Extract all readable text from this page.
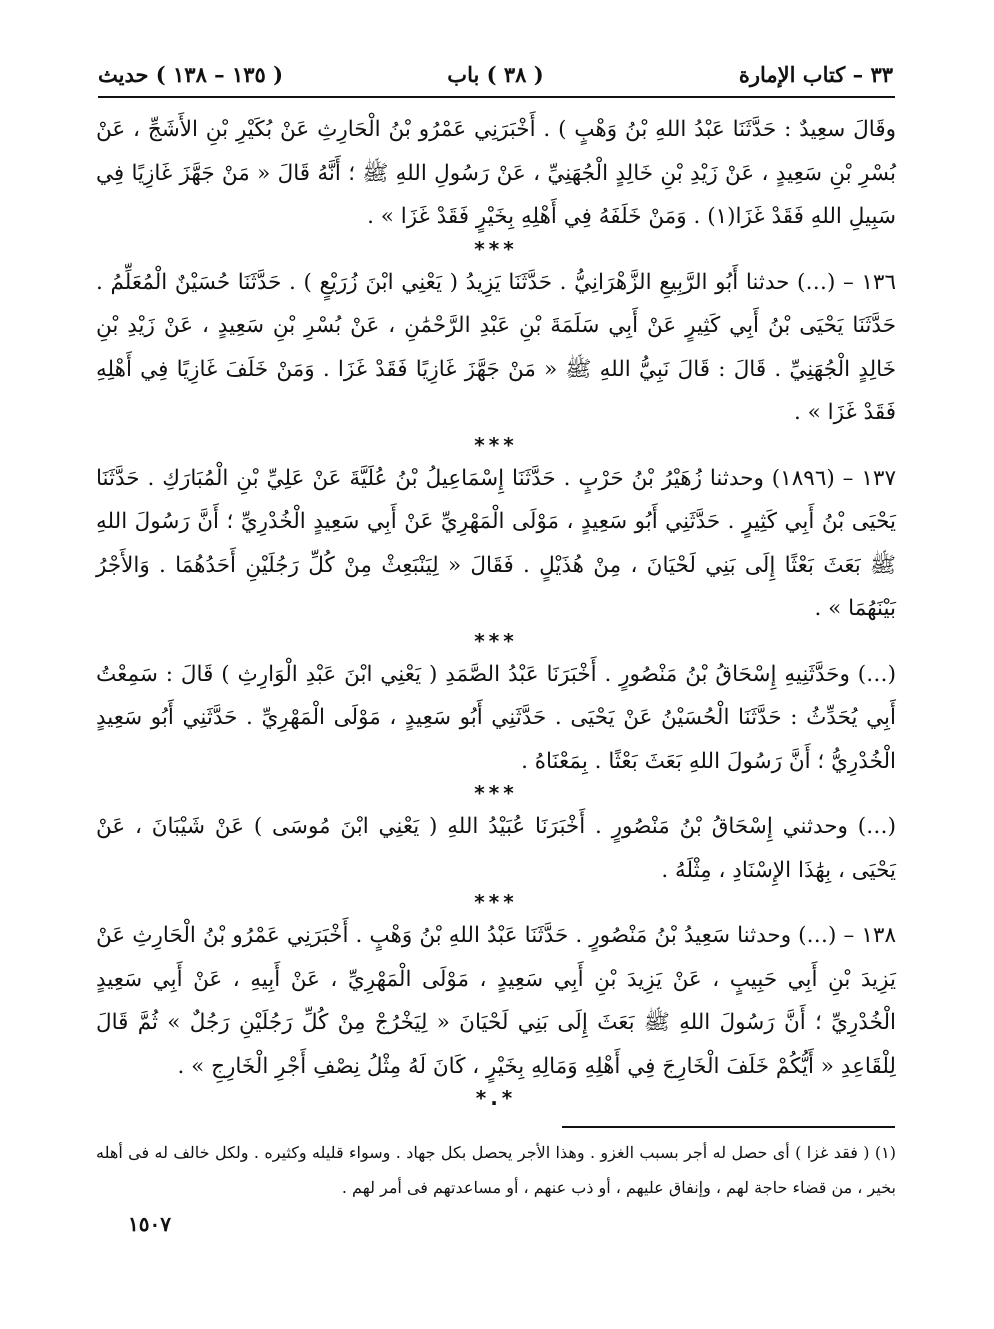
٣٣ – كتاب الإمارة
( ٣٨ ) باب
( ١٣٥ – ١٣٨ ) حديث

وقَالَ سعِيدٌ : حَدَّثَنَا عَبْدُ اللهِ بْنُ وَهْبٍ ) . أَخْبَرَنِي عَمْرُو بْنُ الْحَارِثِ عَنْ بُكَيْرِ بْنِ الأَشَجِّ ، عَنْ بُسْرِ بْنِ سَعِيدٍ ، عَنْ زَيْدِ بْنِ خَالِدٍ الْجُهَنِيِّ ، عَنْ رَسُولِ اللهِ ﷺ ؛ أَنَّهُ قَالَ « مَنْ جَهَّزَ غَازِيًا فِي سَبِيلِ اللهِ فَقَدْ غَزَا(١) . وَمَنْ خَلَفَهُ فِي أَهْلِهِ بِخَيْرٍ فَقَدْ غَزَا » .

***

١٣٦ – (…) حدثنا أَبُو الرَّبِيعِ الزَّهْرَانِيُّ . حَدَّثَنَا يَزِيدُ ( يَعْنِي ابْنَ زُرَيْعٍ ) . حَدَّثَنَا حُسَيْنٌ الْمُعَلِّمُ . حَدَّثَنَا يَحْيَى بْنُ أَبِي كَثِيرٍ عَنْ أَبِي سَلَمَةَ بْنِ عَبْدِ الرَّحْمَٰنِ ، عَنْ بُسْرِ بْنِ سَعِيدٍ ، عَنْ زَيْدِ بْنِ خَالِدٍ الْجُهَنِيِّ . قَالَ : قَالَ نَبِيُّ اللهِ ﷺ « مَنْ جَهَّزَ غَازِيًا فَقَدْ غَزَا . وَمَنْ خَلَفَ غَازِيًا فِي أَهْلِهِ فَقَدْ غَزَا » .

***

١٣٧ – (١٨٩٦) وحدثنا زُهَيْرُ بْنُ حَرْبٍ . حَدَّثَنَا إِسْمَاعِيلُ بْنُ عُلَيَّةَ عَنْ عَلِيِّ بْنِ الْمُبَارَكِ . حَدَّثَنَا يَحْيَى بْنُ أَبِي كَثِيرٍ . حَدَّثَنِي أَبُو سَعِيدٍ ، مَوْلَى الْمَهْرِيِّ عَنْ أَبِي سَعِيدٍ الْخُدْرِيِّ ؛ أَنَّ رَسُولَ اللهِ ﷺ بَعَثَ بَعْثًا إِلَى بَنِي لَحْيَانَ ، مِنْ هُذَيْلٍ . فَقَالَ « لِيَنْبَعِثْ مِنْ كُلِّ رَجُلَيْنِ أَحَدُهُمَا . وَالأَجْرُ بَيْنَهُمَا » .

***

(…) وحَدَّثَنِيهِ إِسْحَاقُ بْنُ مَنْصُورٍ . أَخْبَرَنَا عَبْدُ الصَّمَدِ ( يَعْنِي ابْنَ عَبْدِ الْوَارِثِ ) قَالَ : سَمِعْتُ أَبِي يُحَدِّثُ : حَدَّثَنَا الْحُسَيْنُ عَنْ يَحْيَى . حَدَّثَنِي أَبُو سَعِيدٍ ، مَوْلَى الْمَهْرِيِّ . حَدَّثَنِي أَبُو سَعِيدٍ الْخُدْرِيُّ ؛ أَنَّ رَسُولَ اللهِ بَعَثَ بَعْثًا . بِمَعْنَاهُ .

***

(…) وحدثني إِسْحَاقُ بْنُ مَنْصُورٍ . أَخْبَرَنَا عُبَيْدُ اللهِ ( يَعْنِي ابْنَ مُوسَى ) عَنْ شَيْبَانَ ، عَنْ يَحْيَى ، بِهَٰذَا الإِسْنَادِ ، مِثْلَهُ .

***

١٣٨ – (…) وحدثنا سَعِيدُ بْنُ مَنْصُورٍ . حَدَّثَنَا عَبْدُ اللهِ بْنُ وَهْبٍ . أَخْبَرَنِي عَمْرُو بْنُ الْحَارِثِ عَنْ يَزِيدَ بْنِ أَبِي حَبِيبٍ ، عَنْ يَزِيدَ بْنِ أَبِي سَعِيدٍ ، مَوْلَى الْمَهْرِيِّ ، عَنْ أَبِيهِ ، عَنْ أَبِي سَعِيدٍ الْخُدْرِيِّ ؛ أَنَّ رَسُولَ اللهِ ﷺ بَعَثَ إِلَى بَنِي لَحْيَانَ « لِيَخْرُجْ مِنْ كُلِّ رَجُلَيْنِ رَجُلٌ » ثُمَّ قَالَ لِلْقَاعِدِ « أَيُّكُمْ خَلَفَ الْخَارِجَ فِي أَهْلِهِ وَمَالِهِ بِخَيْرٍ ، كَانَ لَهُ مِثْلُ نِصْفِ أَجْرِ الْخَارِجِ » .

*.*

(١) ( فقد غزا ) أى حصل له أجر بسبب الغزو . وهذا الأجر يحصل بكل جهاد . وسواء قليله وكثيره . ولكل خالف له فى أهله بخير ، من قضاء حاجة لهم ، وإنفاق عليهم ، أو ذب عنهم ، أو مساعدتهم فى أمر لهم .

١٥٠٧
